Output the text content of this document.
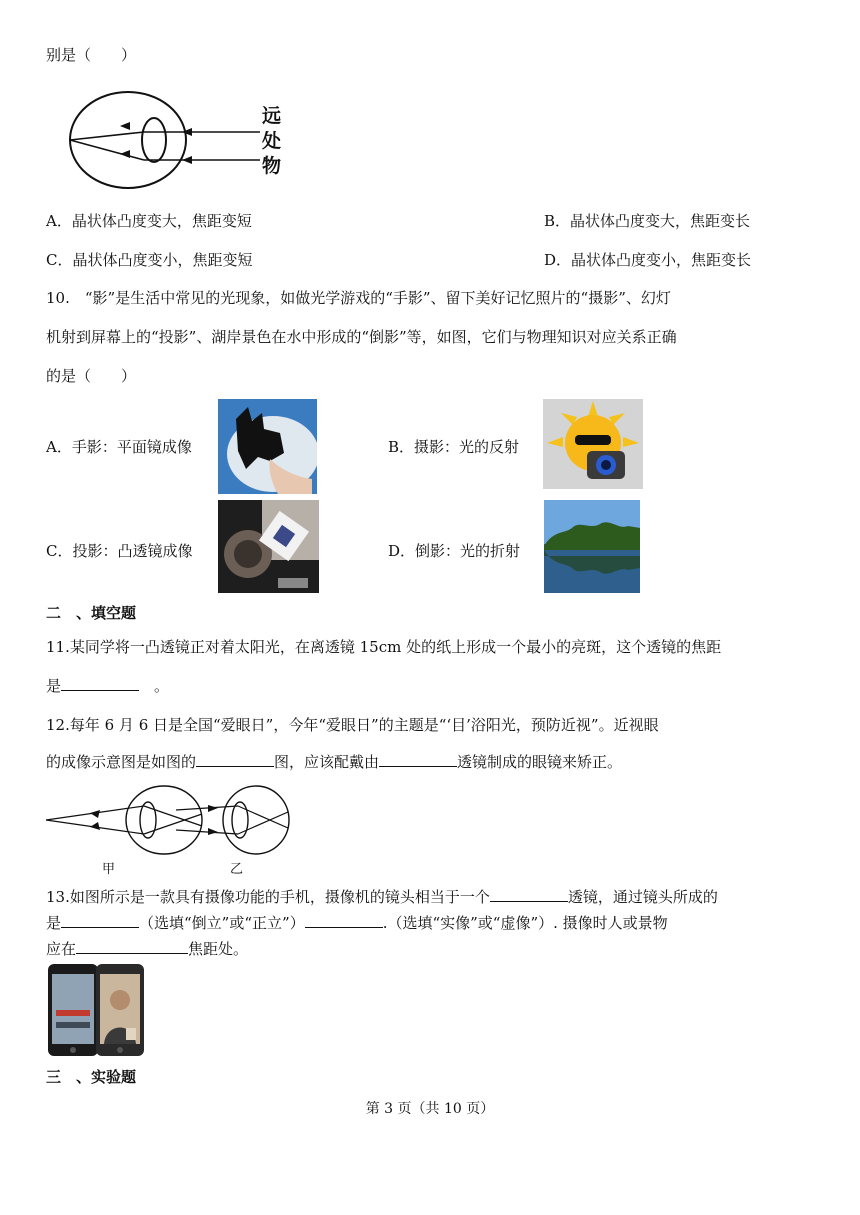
别是（　　）
远处物
A．晶状体凸度变大，焦距变短	B．晶状体凸度变大，焦距变长
C．晶状体凸度变小，焦距变短	D．晶状体凸度变小，焦距变长
10.　“影”是生活中常见的光现象，如做光学游戏的“手影”、留下美好记忆照片的“摄影”、幻灯
机射到屏幕上的“投影”、湖岸景色在水中形成的“倒影”等，如图，它们与物理知识对应关系正确
的是（　　）
A．手影：平面镜成像	B．摄影：光的反射
C．投影：凸透镜成像	D．倒影：光的折射
二　、填空题
11.某同学将一凸透镜正对着太阳光，在离透镜 15cm 处的纸上形成一个最小的亮斑，这个透镜的焦距
是	　。
12.每年 6 月 6 日是全国“爱眼日”，今年“爱眼日”的主题是“‘目’浴阳光，预防近视”。近视眼
的成像示意图是如图的	图，应该配戴由	透镜制成的眼镜来矫正。
甲	乙
13.如图所示是一款具有摄像功能的手机，摄像机的镜头相当于一个	透镜，通过镜头所成的
是	（选填“倒立”或“正立”）	.（选填“实像”或“虚像”）. 摄像时人或景物
应在	焦距处。
三　、实验题
第 3 页（共 10 页）
